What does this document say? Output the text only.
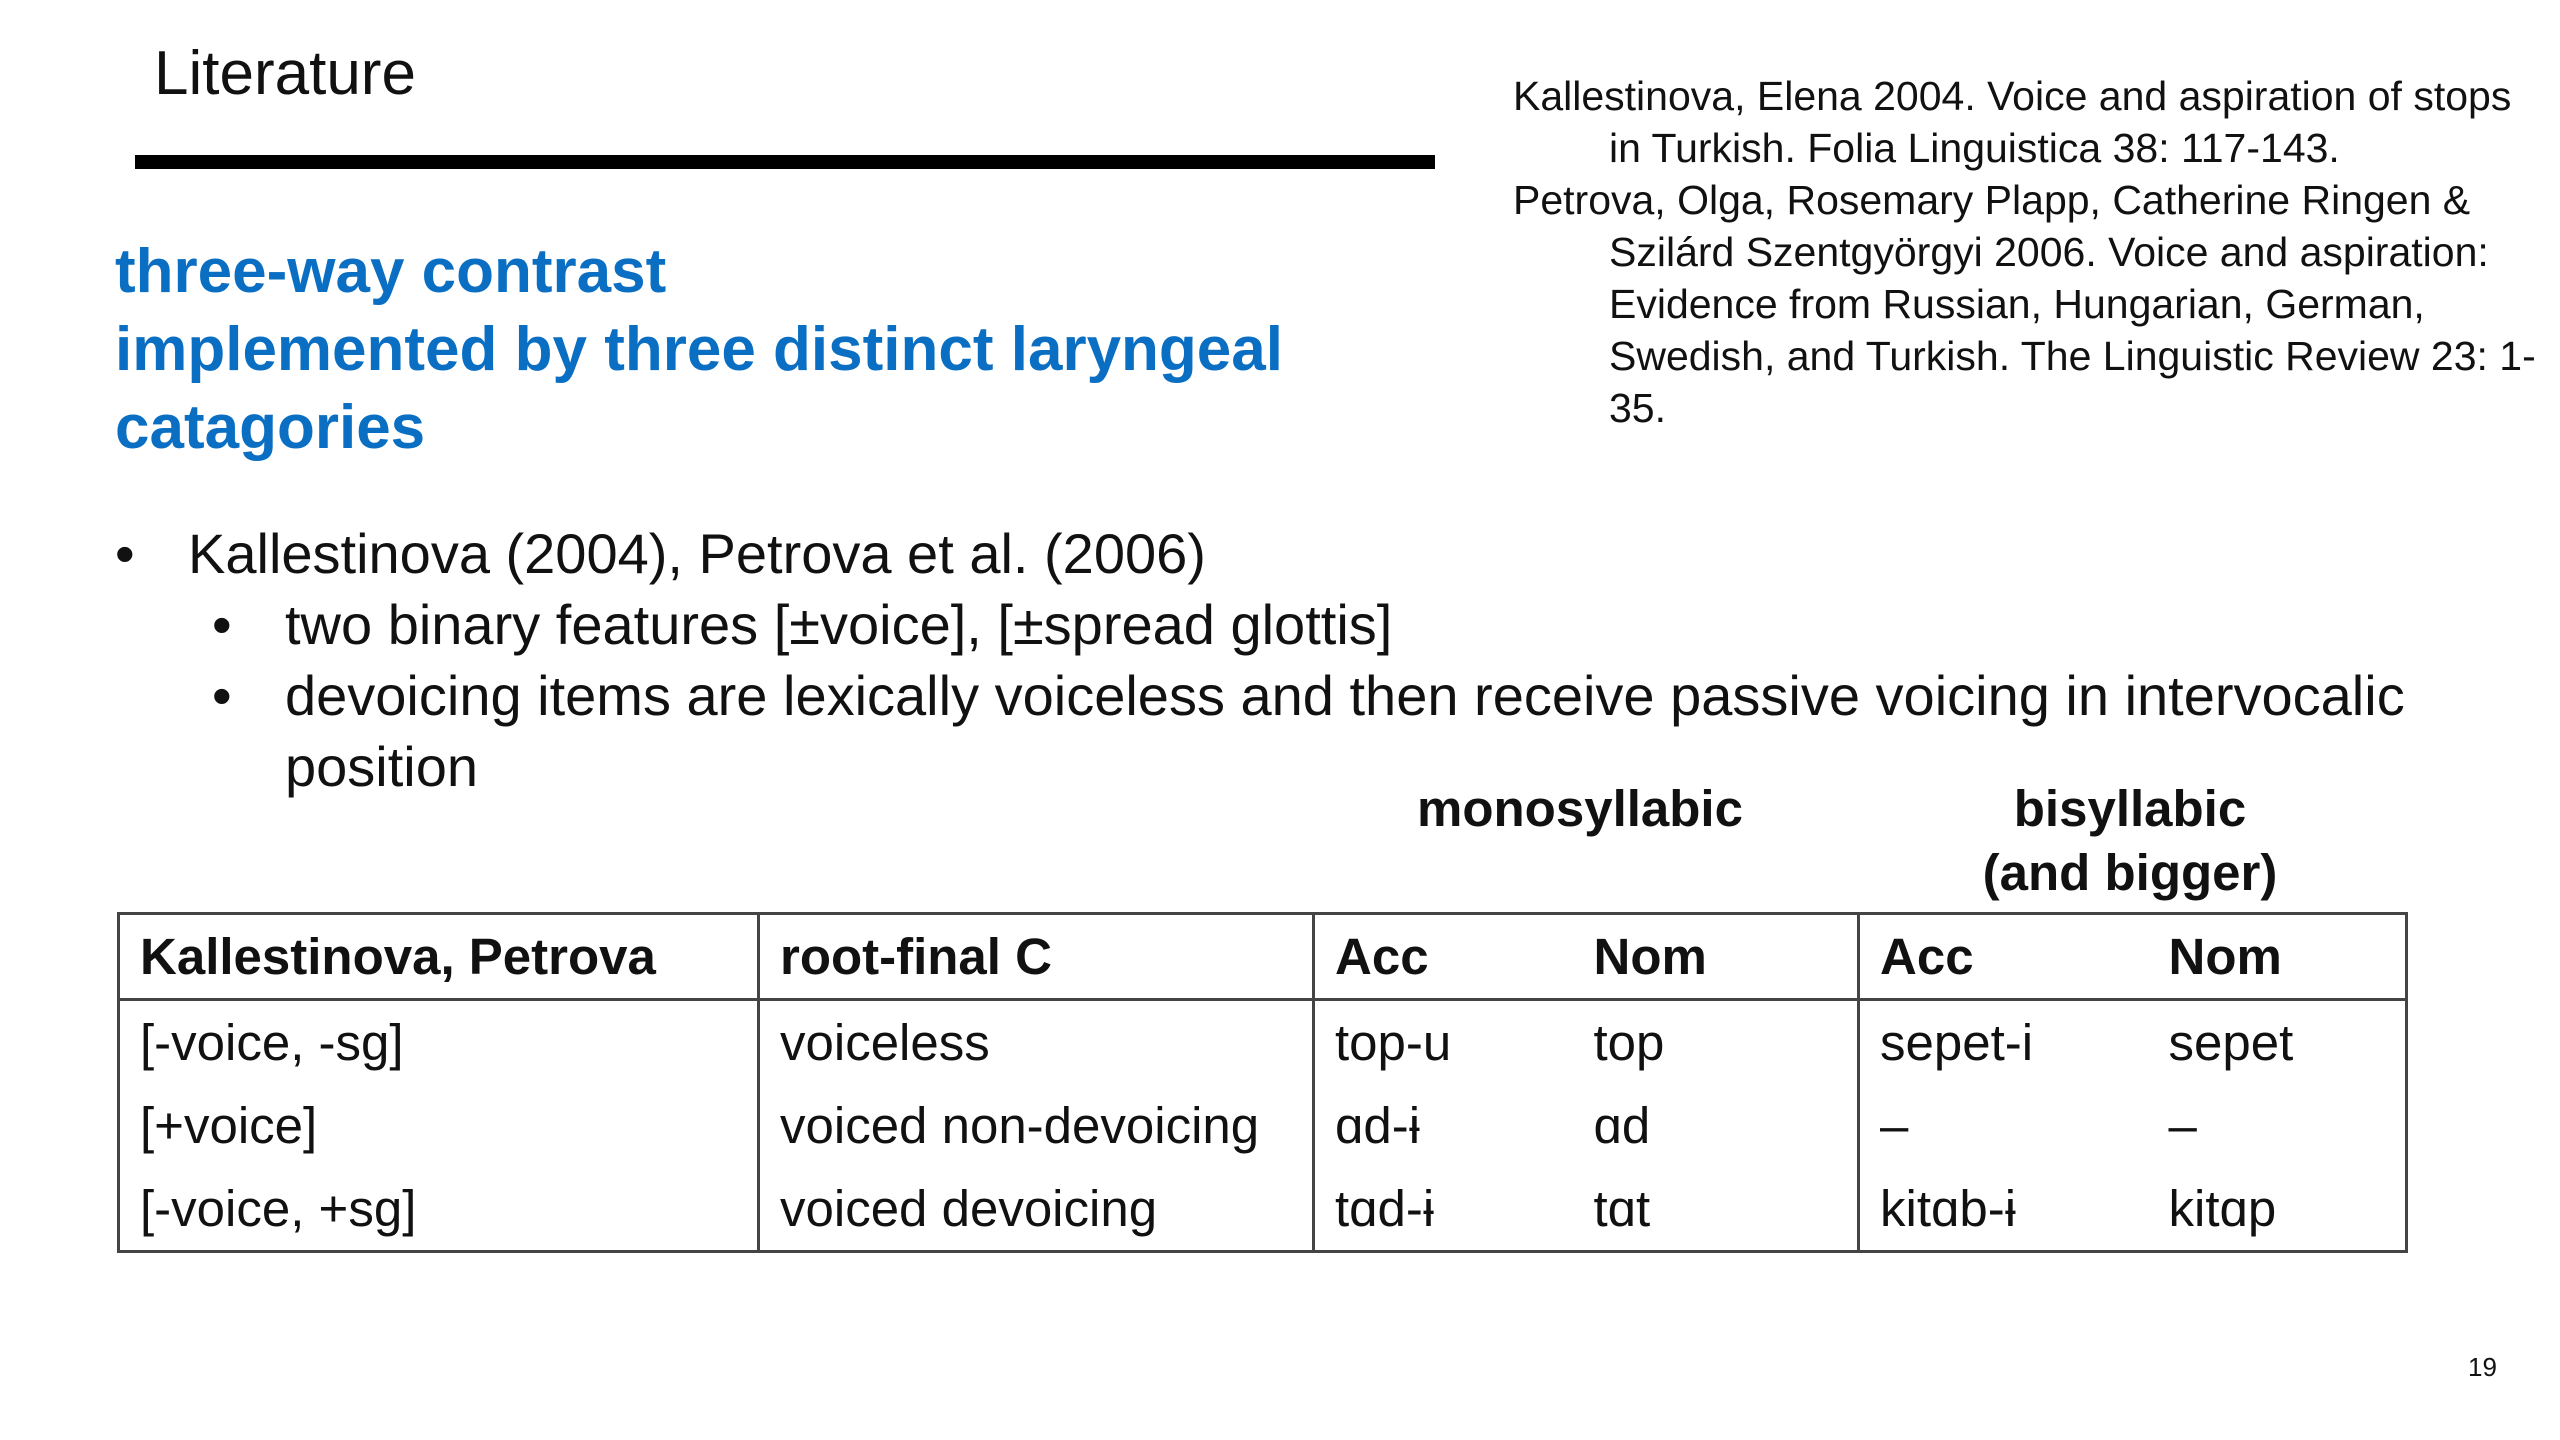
Literature	Kallestinova, Elena 2004. Voice and aspiration of stops in Turkish. Folia Linguistica 38: 117-143.
Petrova, Olga, Rosemary Plapp, Catherine Ringen & Szilárd Szentgyörgyi 2006. Voice and aspiration: Evidence from Russian, Hungarian, German, Swedish, and Turkish. The Linguistic Review 23: 1-35.
three-way contrast
implemented by three distinct laryngeal
catagories
• Kallestinova (2004), Petrova et al. (2006)
• two binary features [±voice], [±spread glottis]
• devoicing items are lexically voiceless and then receive passive voicing in intervocalic position
monosyllabic	bisyllabic
(and bigger)
Kallestinova, Petrova	root-final C	Acc	Nom	Acc	Nom
[-voice, -sg]	voiceless	top-u	top	sepet-i	sepet
[+voice]	voiced non-devoicing	ɑd-ɨ	ɑd	–	–
[-voice, +sg]	voiced devoicing	tɑd-ɨ	tɑt	kitɑb-ɨ	kitɑp
19
